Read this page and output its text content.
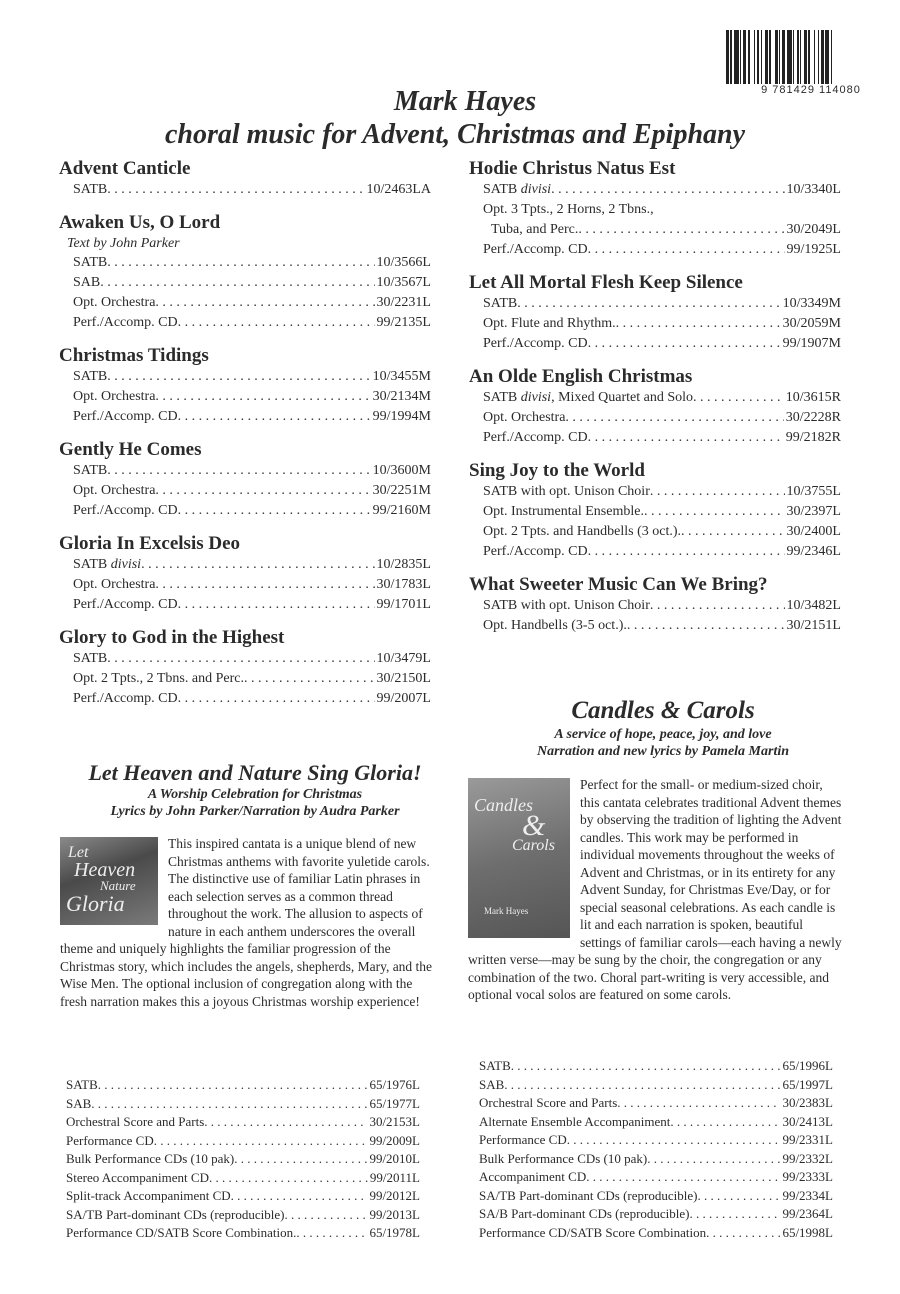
9 781429 114080
Mark Hayes
choral music for Advent, Christmas and Epiphany
Advent Canticle
SATB . . .	10/2463LA
Awaken Us, O Lord
Text by John Parker
SATB . . .	10/3566L
SAB . . .	10/3567L
Opt. Orchestra . . .	30/2231L
Perf./Accomp. CD . . .	99/2135L
Christmas Tidings
SATB . . .	10/3455M
Opt. Orchestra . . .	30/2134M
Perf./Accomp. CD . . .	99/1994M
Gently He Comes
SATB . . .	10/3600M
Opt. Orchestra . . .	30/2251M
Perf./Accomp. CD . . .	99/2160M
Gloria In Excelsis Deo
SATB divisi . . .	10/2835L
Opt. Orchestra . . .	30/1783L
Perf./Accomp. CD . . .	99/1701L
Glory to God in the Highest
SATB . . .	10/3479L
Opt. 2 Tpts., 2 Tbns. and Perc. . . .	30/2150L
Perf./Accomp. CD . . .	99/2007L
Hodie Christus Natus Est
SATB divisi . . .	10/3340L
Opt. 3 Tpts., 2 Horns, 2 Tbns.,
Tuba, and Perc. . . .	30/2049L
Perf./Accomp. CD . . .	99/1925L
Let All Mortal Flesh Keep Silence
SATB . . .	10/3349M
Opt. Flute and Rhythm. . . .	30/2059M
Perf./Accomp. CD . . .	99/1907M
An Olde English Christmas
SATB divisi, Mixed Quartet and Solo . . .	10/3615R
Opt. Orchestra . . .	30/2228R
Perf./Accomp. CD . . .	99/2182R
Sing Joy to the World
SATB with opt. Unison Choir . . .	10/3755L
Opt. Instrumental Ensemble. . . .	30/2397L
Opt. 2 Tpts. and Handbells (3 oct.). . . .	30/2400L
Perf./Accomp. CD . . .	99/2346L
What Sweeter Music Can We Bring?
SATB with opt. Unison Choir . . .	10/3482L
Opt. Handbells (3-5 oct.). . . .	30/2151L
Let Heaven and Nature Sing Gloria!
A Worship Celebration for Christmas
Lyrics by John Parker/Narration by Audra Parker
Let
Heaven
Nature
Gloria
This inspired cantata is a unique blend of new Christmas anthems with favorite yuletide carols. The distinctive use of familiar Latin phrases in each selection serves as a common thread throughout the work. The allusion to aspects of nature in each anthem underscores the overall theme and uniquely highlights the familiar progression of the Christmas story, which includes the angels, shepherds, Mary, and the Wise Men. The optional inclusion of congregation along with the fresh narration makes this a joyous Christmas worship experience!
SATB . . .	65/1976L
SAB . . .	65/1977L
Orchestral Score and Parts . . .	30/2153L
Performance CD . . .	99/2009L
Bulk Performance CDs (10 pak) . . .	99/2010L
Stereo Accompaniment CD . . .	99/2011L
Split-track Accompaniment CD . . .	99/2012L
SA/TB Part-dominant CDs (reproducible) . . .	99/2013L
Performance CD/SATB Score Combination. . . .	65/1978L
Candles & Carols
A service of hope, peace, joy, and love
Narration and new lyrics by Pamela Martin
Candles
&
Carols
Mark Hayes
Perfect for the small- or medium-sized choir, this cantata celebrates traditional Advent themes by observing the tradition of lighting the Advent candles. This work may be performed in individual movements throughout the weeks of Advent and Christmas, or in its entirety for any Advent Sunday, for Christmas Eve/Day, or for special seasonal celebrations. As each candle is lit and each narration is spoken, beautiful settings of familiar carols—each having a newly written verse—may be sung by the choir, the congregation or any combination of the two. Choral part-writing is very accessible, and optional vocal solos are featured on some carols.
SATB . . .	65/1996L
SAB . . .	65/1997L
Orchestral Score and Parts . . .	30/2383L
Alternate Ensemble Accompaniment . . .	30/2413L
Performance CD . . .	99/2331L
Bulk Performance CDs (10 pak) . . .	99/2332L
Accompaniment CD . . .	99/2333L
SA/TB Part-dominant CDs (reproducible) . . .	99/2334L
SA/B Part-dominant CDs (reproducible) . . .	99/2364L
Performance CD/SATB Score Combination . . .	65/1998L
